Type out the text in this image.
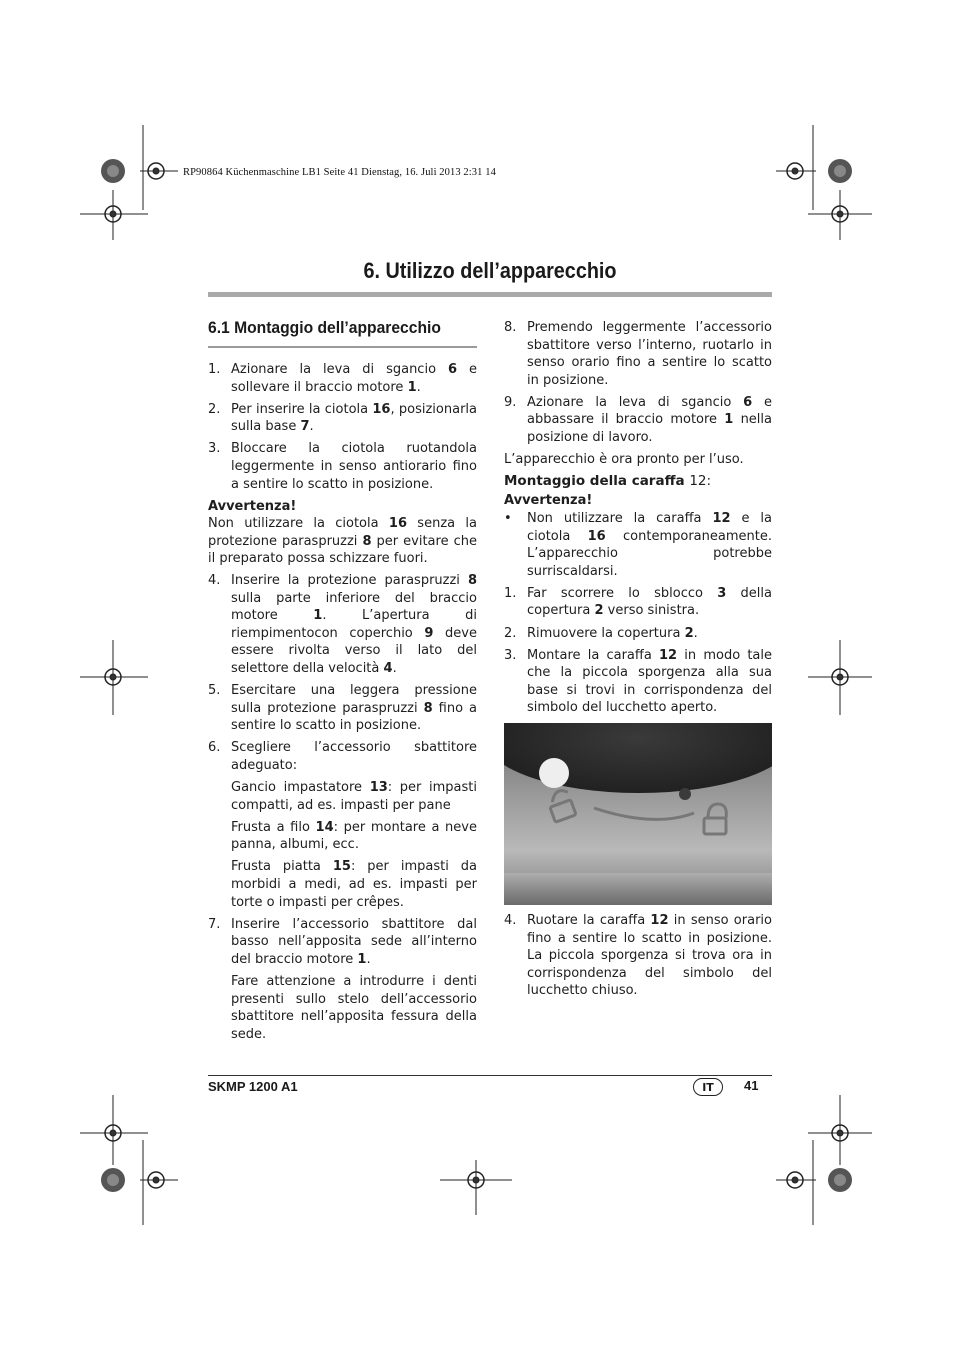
RP90864 Küchenmaschine LB1 Seite 41 Dienstag, 16. Juli 2013 2:31 14
6. Utilizzo dell’apparecchio
6.1 Montaggio dell’apparecchio
1. Azionare la leva di sgancio 6 e sollevare il braccio motore 1.
2. Per inserire la ciotola 16, posizionarla sulla base 7.
3. Bloccare la ciotola ruotandola leggermente in senso antiorario fino a sentire lo scatto in posizione.
Avvertenza!
Non utilizzare la ciotola 16 senza la protezione paraspruzzi 8 per evitare che il preparato possa schizzare fuori.
4. Inserire la protezione paraspruzzi 8 sulla parte inferiore del braccio motore 1. L’apertura di riempimentocon coperchio 9 deve essere rivolta verso il lato del selettore della velocità 4.
5. Esercitare una leggera pressione sulla protezione paraspruzzi 8 fino a sentire lo scatto in posizione.
6. Scegliere l’accessorio sbattitore adeguato:
Gancio impastatore 13: per impasti compatti, ad es. impasti per pane
Frusta a filo 14: per montare a neve panna, albumi, ecc.
Frusta piatta 15: per impasti da morbidi a medi, ad es. impasti per torte o impasti per crêpes.
7. Inserire l’accessorio sbattitore dal basso nell’apposita sede all’interno del braccio motore 1.
Fare attenzione a introdurre i denti presenti sullo stelo dell’accessorio sbattitore nell’apposita fessura della sede.
8. Premendo leggermente l’accessorio sbattitore verso l’interno, ruotarlo in senso orario fino a sentire lo scatto in posizione.
9. Azionare la leva di sgancio 6 e abbassare il braccio motore 1 nella posizione di lavoro.
L’apparecchio è ora pronto per l’uso.
Montaggio della caraffa 12:
Avvertenza!
•	Non utilizzare la caraffa 12 e la ciotola 16 contemporaneamente. L’apparecchio potrebbe surriscaldarsi.
1. Far scorrere lo sblocco 3 della copertura 2 verso sinistra.
2. Rimuovere la copertura 2.
3. Montare la caraffa 12 in modo tale che la piccola sporgenza alla sua base si trovi in corrispondenza del simbolo del lucchetto aperto.
4. Ruotare la caraffa 12 in senso orario fino a sentire lo scatto in posizione. La piccola sporgenza si trova ora in corrispondenza del simbolo del lucchetto chiuso.
SKMP 1200 A1	IT	41
